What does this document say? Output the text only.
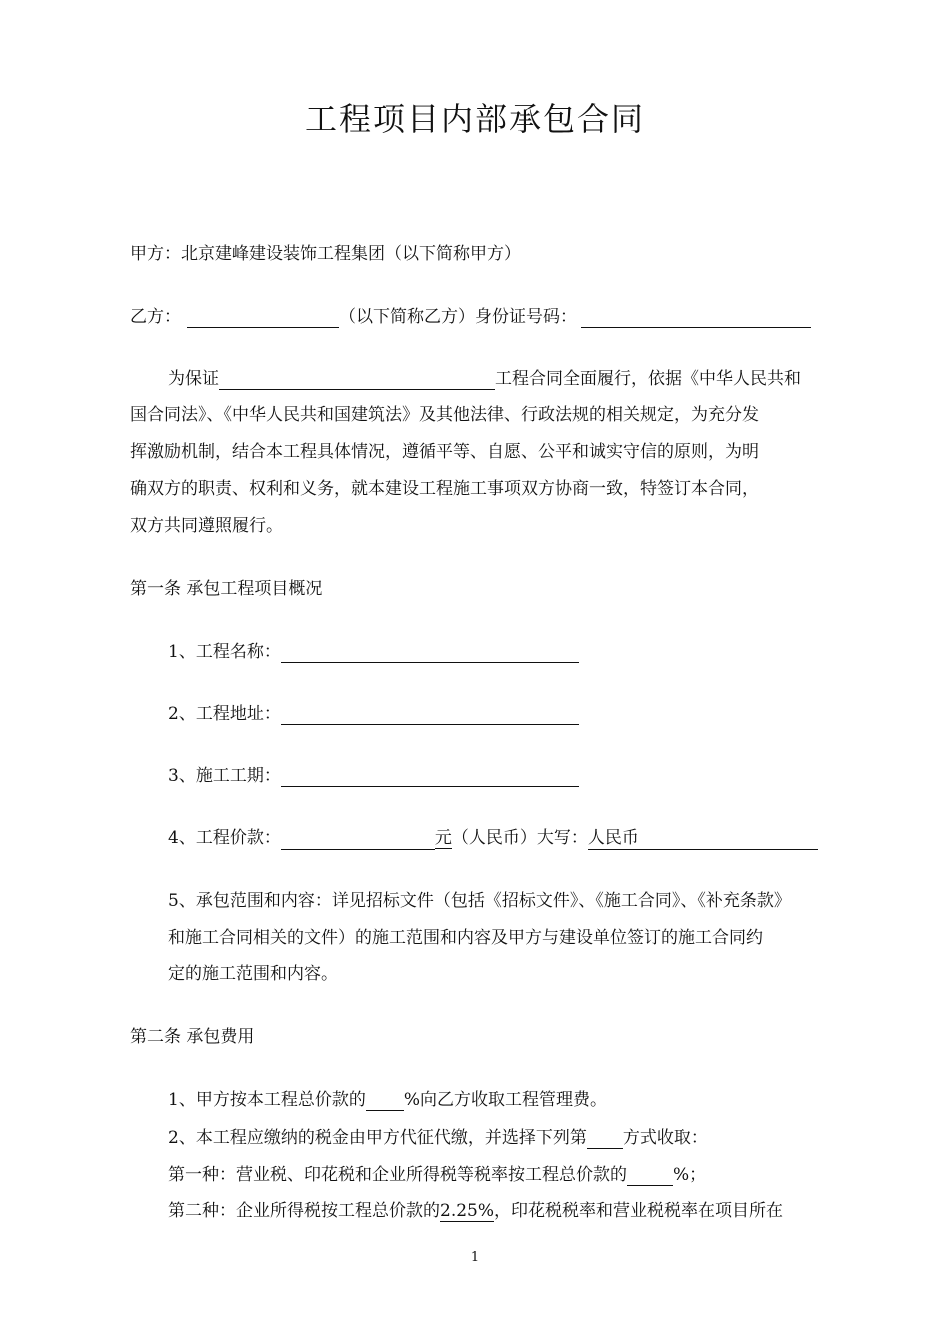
工程项目内部承包合同
甲方：北京建峰建设装饰工程集团（以下简称甲方）
乙方：	（以下简称乙方）身份证号码：
为保证	工程合同全面履行，依据《中华人民共和
国合同法》、《中华人民共和国建筑法》及其他法律、行政法规的相关规定，为充分发
挥激励机制，结合本工程具体情况，遵循平等、自愿、公平和诚实守信的原则，为明
确双方的职责、权利和义务，就本建设工程施工事项双方协商一致，特签订本合同，
双方共同遵照履行。
第一条 承包工程项目概况
1、工程名称：
2、工程地址：
3、施工工期：
4、工程价款：	元（人民币）大写：人民币
5、承包范围和内容：详见招标文件（包括《招标文件》、《施工合同》、《补充条款》
和施工合同相关的文件）的施工范围和内容及甲方与建设单位签订的施工合同约
定的施工范围和内容。
第二条 承包费用
1、甲方按本工程总价款的 %向乙方收取工程管理费。
2、本工程应缴纳的税金由甲方代征代缴，并选择下列第 方式收取：
第一种：营业税、印花税和企业所得税等税率按工程总价款的	%；
第二种：企业所得税按工程总价款的2.25%，印花税税率和营业税税率在项目所在
1
